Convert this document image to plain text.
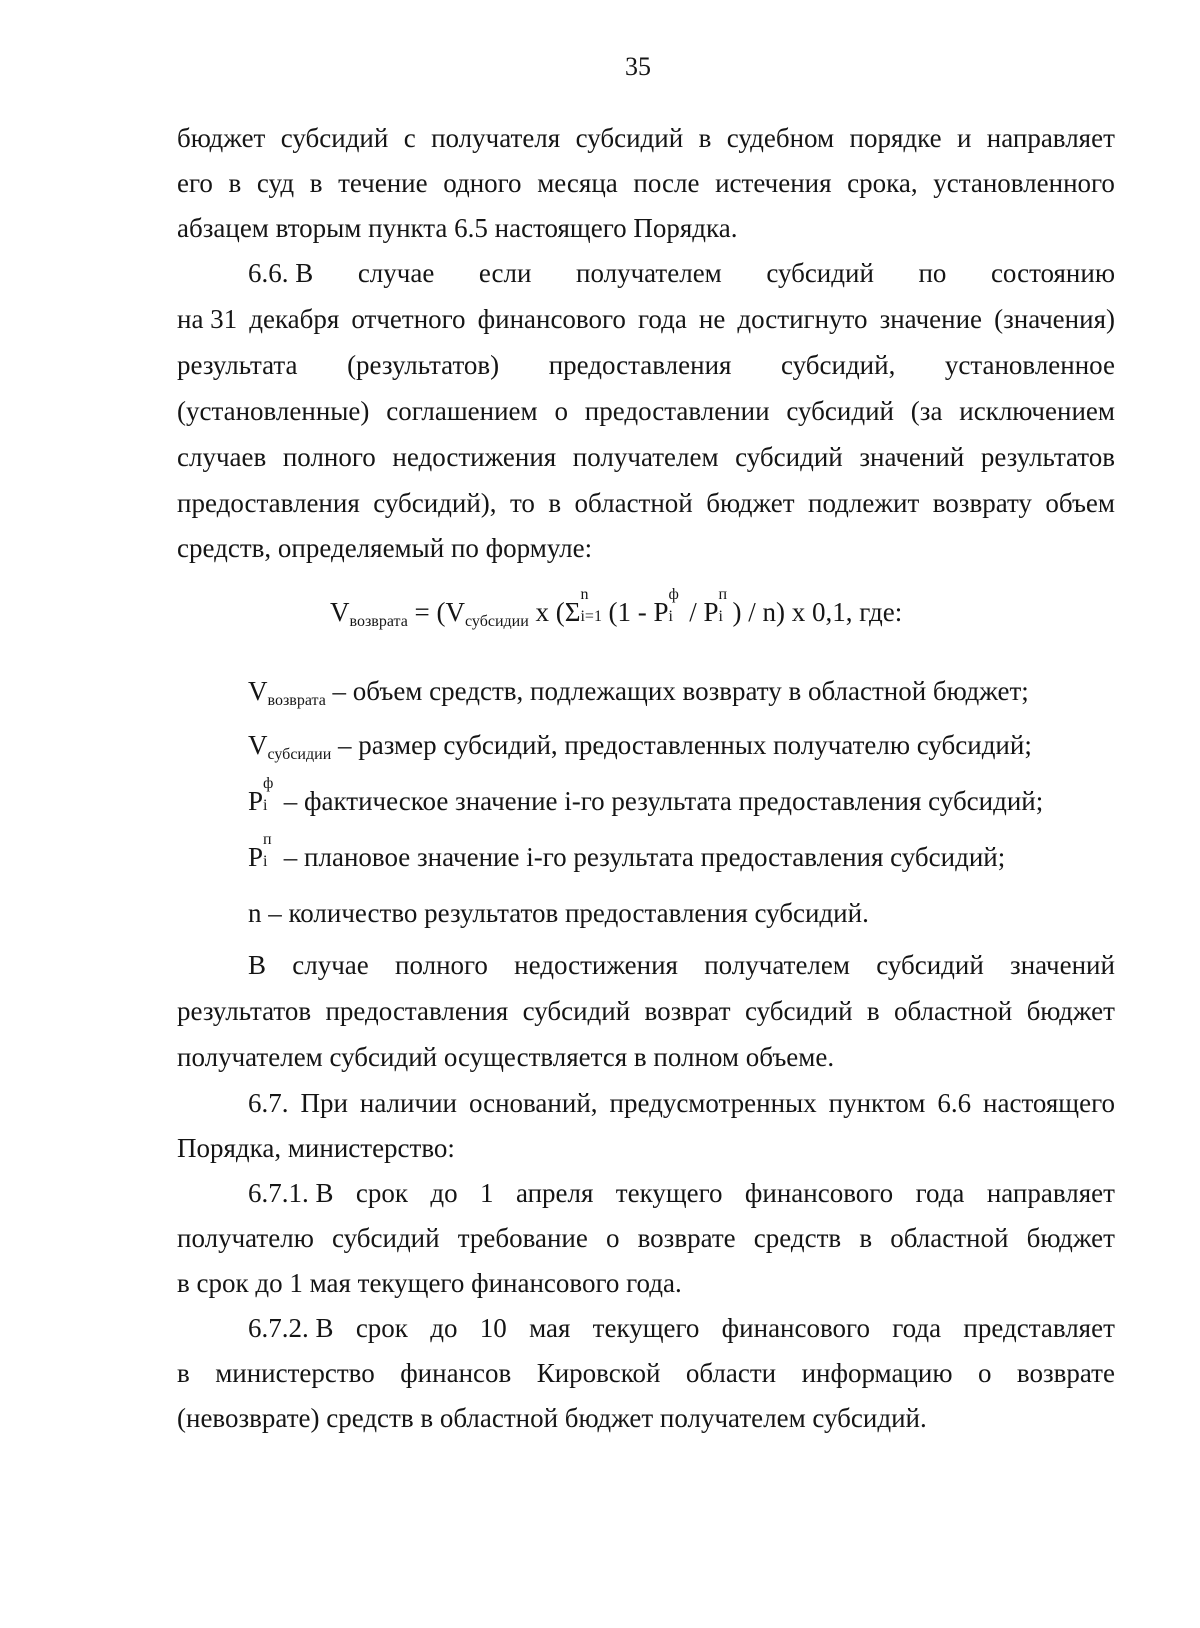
35
бюджет субсидий с получателя субсидий в судебном порядке и направляет
его в суд в течение одного месяца после истечения срока, установленного
абзацем вторым пункта 6.5 настоящего Порядка.
6.6. В случае если получателем субсидий по состоянию
на 31 декабря отчетного финансового года не достигнуто значение (значения)
результата (результатов) предоставления субсидий, установленное
(установленные) соглашением о предоставлении субсидий (за исключением
случаев полного недостижения получателем субсидий значений результатов
предоставления субсидий), то в областной бюджет подлежит возврату объем
средств, определяемый по формуле:
$V_{возврата} = (V_{субсидии}$ x (Σ
n
i=1 (1 - P
ф
i / P
п
i ) / n) x 0,1, где:
$V_{возврата}$ – объем средств, подлежащих возврату в областной бюджет;
$V_{субсидии}$ – размер субсидий, предоставленных получателю субсидий;
P
ф
i – фактическое значение i-го результата предоставления субсидий;
P
п
i – плановое значение i-го результата предоставления субсидий;
n – количество результатов предоставления субсидий.
В случае полного недостижения получателем субсидий значений
результатов предоставления субсидий возврат субсидий в областной бюджет
получателем субсидий осуществляется в полном объеме.
6.7. При наличии оснований, предусмотренных пунктом 6.6 настоящего
Порядка, министерство:
6.7.1. В срок до 1 апреля текущего финансового года направляет
получателю субсидий требование о возврате средств в областной бюджет
в срок до 1 мая текущего финансового года.
6.7.2. В срок до 10 мая текущего финансового года представляет
в министерство финансов Кировской области информацию о возврате
(невозврате) средств в областной бюджет получателем субсидий.
